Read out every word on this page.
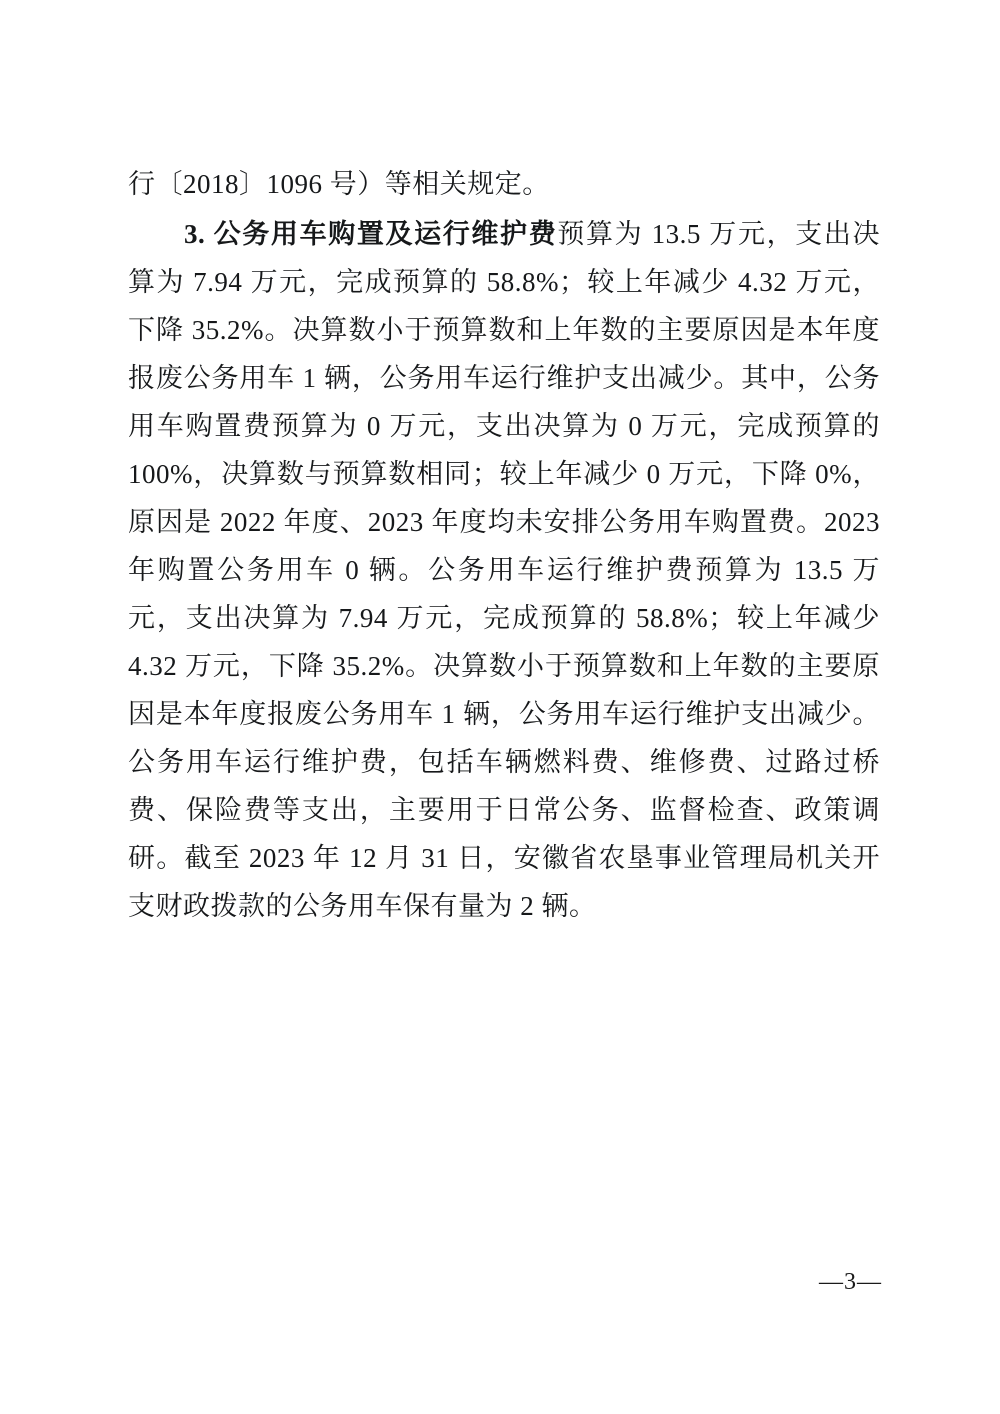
行〔2018〕1096 号）等相关规定。

3. 公务用车购置及运行维护费预算为 13.5 万元，支出决算为 7.94 万元，完成预算的 58.8%；较上年减少 4.32 万元，下降 35.2%。决算数小于预算数和上年数的主要原因是本年度报废公务用车 1 辆，公务用车运行维护支出减少。其中，公务用车购置费预算为 0 万元，支出决算为 0 万元，完成预算的 100%，决算数与预算数相同；较上年减少 0 万元，下降 0%，原因是 2022 年度、2023 年度均未安排公务用车购置费。2023 年购置公务用车 0 辆。公务用车运行维护费预算为 13.5 万元，支出决算为 7.94 万元，完成预算的 58.8%；较上年减少 4.32 万元，下降 35.2%。决算数小于预算数和上年数的主要原因是本年度报废公务用车 1 辆，公务用车运行维护支出减少。公务用车运行维护费，包括车辆燃料费、维修费、过路过桥费、保险费等支出，主要用于日常公务、监督检查、政策调研。截至 2023 年 12 月 31 日，安徽省农垦事业管理局机关开支财政拨款的公务用车保有量为 2 辆。

—3—
